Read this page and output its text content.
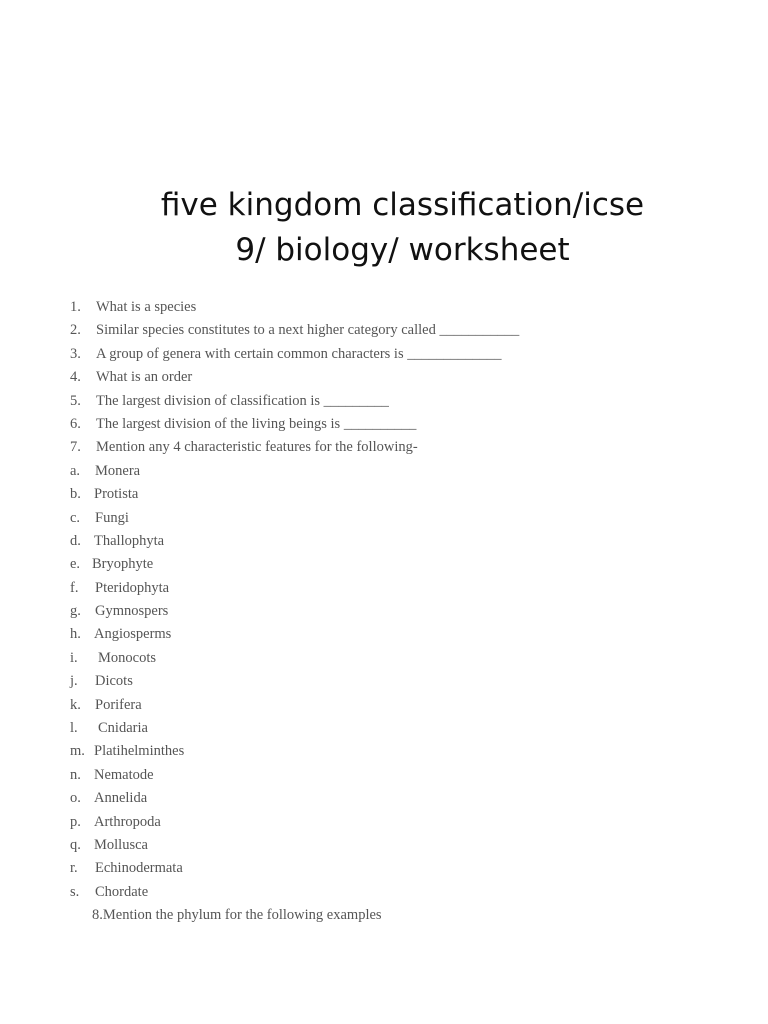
five kingdom classification/icse
9/ biology/ worksheet
1. What is a species
2. Similar species constitutes to a next higher category called ___________
3. A group of genera with certain common characters is _____________
4. What is an order
5. The largest division of classification is _________
6. The largest division of the living beings is __________
7. Mention any 4 characteristic features for the following-
a. Monera
b. Protista
c. Fungi
d. Thallophyta
e. Bryophyte
f. Pteridophyta
g. Gymnospers
h. Angiosperms
i. Monocots
j. Dicots
k. Porifera
l. Cnidaria
m. Platihelminthes
n. Nematode
o. Annelida
p. Arthropoda
q. Mollusca
r. Echinodermata
s. Chordate
8.Mention the phylum for the following examples
